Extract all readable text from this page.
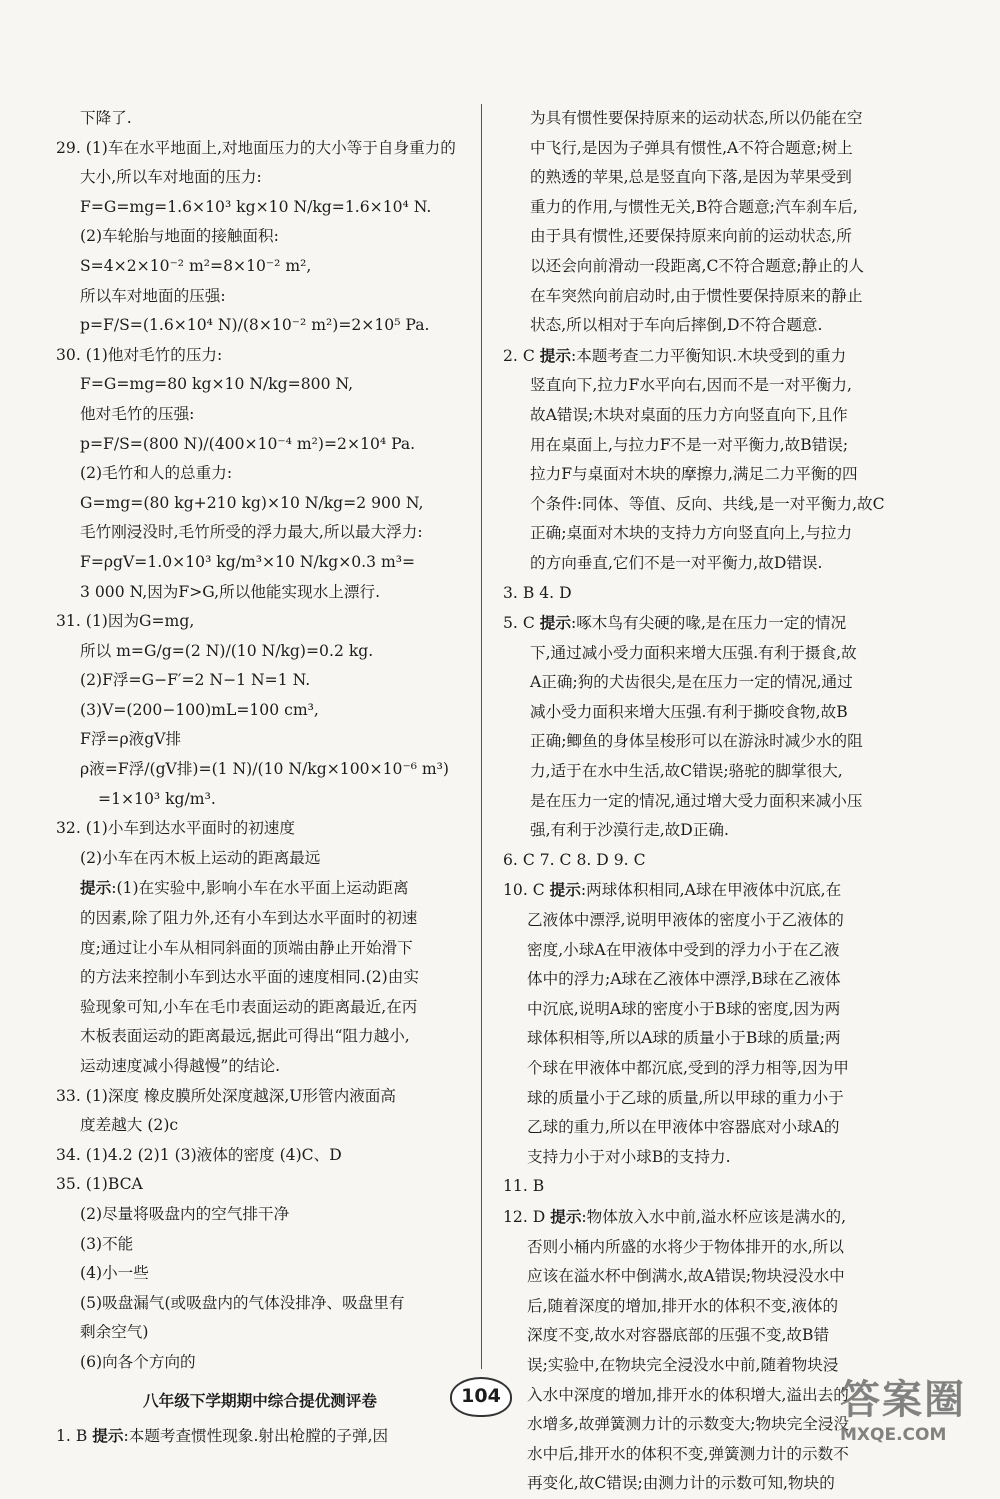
下降了.
29. (1)车在水平地面上,对地面压力的大小等于自身重力的
大小,所以车对地面的压力:
F=G=mg=1.6×10³ kg×10 N/kg=1.6×10⁴ N.
(2)车轮胎与地面的接触面积:
S=4×2×10⁻² m²=8×10⁻² m²,
所以车对地面的压强:
p=F/S=(1.6×10⁴ N)/(8×10⁻² m²)=2×10⁵ Pa.
30. (1)他对毛竹的压力:
F=G=mg=80 kg×10 N/kg=800 N,
他对毛竹的压强:
p=F/S=(800 N)/(400×10⁻⁴ m²)=2×10⁴ Pa.
(2)毛竹和人的总重力:
G=mg=(80 kg+210 kg)×10 N/kg=2 900 N,
毛竹刚浸没时,毛竹所受的浮力最大,所以最大浮力:
F=ρgV=1.0×10³ kg/m³×10 N/kg×0.3 m³=
3 000 N,因为F>G,所以他能实现水上漂行.
31. (1)因为G=mg,
所以 m=G/g=(2 N)/(10 N/kg)=0.2 kg.
(2)F浮=G−F′=2 N−1 N=1 N.
(3)V=(200−100)mL=100 cm³,
F浮=ρ液gV排
ρ液=F浮/(gV排)=(1 N)/(10 N/kg×100×10⁻⁶ m³)
=1×10³ kg/m³.
32. (1)小车到达水平面时的初速度
(2)小车在丙木板上运动的距离最远
提示:(1)在实验中,影响小车在水平面上运动距离
的因素,除了阻力外,还有小车到达水平面时的初速
度;通过让小车从相同斜面的顶端由静止开始滑下
的方法来控制小车到达水平面的速度相同.(2)由实
验现象可知,小车在毛巾表面运动的距离最近,在丙
木板表面运动的距离最远,据此可得出“阻力越小,
运动速度减小得越慢”的结论.
33. (1)深度 橡皮膜所处深度越深,U形管内液面高
度差越大 (2)c
34. (1)4.2 (2)1 (3)液体的密度 (4)C、D
35. (1)BCA
(2)尽量将吸盘内的空气排干净
(3)不能
(4)小一些
(5)吸盘漏气(或吸盘内的气体没排净、吸盘里有
剩余空气)
(6)向各个方向的
八年级下学期期中综合提优测评卷
1. B 提示:本题考查惯性现象.射出枪膛的子弹,因
为具有惯性要保持原来的运动状态,所以仍能在空
中飞行,是因为子弹具有惯性,A不符合题意;树上
的熟透的苹果,总是竖直向下落,是因为苹果受到
重力的作用,与惯性无关,B符合题意;汽车刹车后,
由于具有惯性,还要保持原来向前的运动状态,所
以还会向前滑动一段距离,C不符合题意;静止的人
在车突然向前启动时,由于惯性要保持原来的静止
状态,所以相对于车向后摔倒,D不符合题意.
2. C 提示:本题考查二力平衡知识.木块受到的重力
竖直向下,拉力F水平向右,因而不是一对平衡力,
故A错误;木块对桌面的压力方向竖直向下,且作
用在桌面上,与拉力F不是一对平衡力,故B错误;
拉力F与桌面对木块的摩擦力,满足二力平衡的四
个条件:同体、等值、反向、共线,是一对平衡力,故C
正确;桌面对木块的支持力方向竖直向上,与拉力
的方向垂直,它们不是一对平衡力,故D错误.
3. B 4. D
5. C 提示:啄木鸟有尖硬的喙,是在压力一定的情况
下,通过减小受力面积来增大压强.有利于摄食,故
A正确;狗的犬齿很尖,是在压力一定的情况,通过
减小受力面积来增大压强.有利于撕咬食物,故B
正确;鲫鱼的身体呈梭形可以在游泳时减少水的阻
力,适于在水中生活,故C错误;骆驼的脚掌很大,
是在压力一定的情况,通过增大受力面积来减小压
强,有利于沙漠行走,故D正确.
6. C 7. C 8. D 9. C
10. C 提示:两球体积相同,A球在甲液体中沉底,在
乙液体中漂浮,说明甲液体的密度小于乙液体的
密度,小球A在甲液体中受到的浮力小于在乙液
体中的浮力;A球在乙液体中漂浮,B球在乙液体
中沉底,说明A球的密度小于B球的密度,因为两
球体积相等,所以A球的质量小于B球的质量;两
个球在甲液体中都沉底,受到的浮力相等,因为甲
球的质量小于乙球的质量,所以甲球的重力小于
乙球的重力,所以在甲液体中容器底对小球A的
支持力小于对小球B的支持力.
11. B
12. D 提示:物体放入水中前,溢水杯应该是满水的,
否则小桶内所盛的水将少于物体排开的水,所以
应该在溢水杯中倒满水,故A错误;物块浸没水中
后,随着深度的增加,排开水的体积不变,液体的
深度不变,故水对容器底部的压强不变,故B错
误;实验中,在物块完全浸没水中前,随着物块浸
入水中深度的增加,排开水的体积增大,溢出去的
水增多,故弹簧测力计的示数变大;物块完全浸没
水中后,排开水的体积不变,弹簧测力计的示数不
再变化,故C错误;由测力计的示数可知,物块的
104	答案圈
MXQE.COM
